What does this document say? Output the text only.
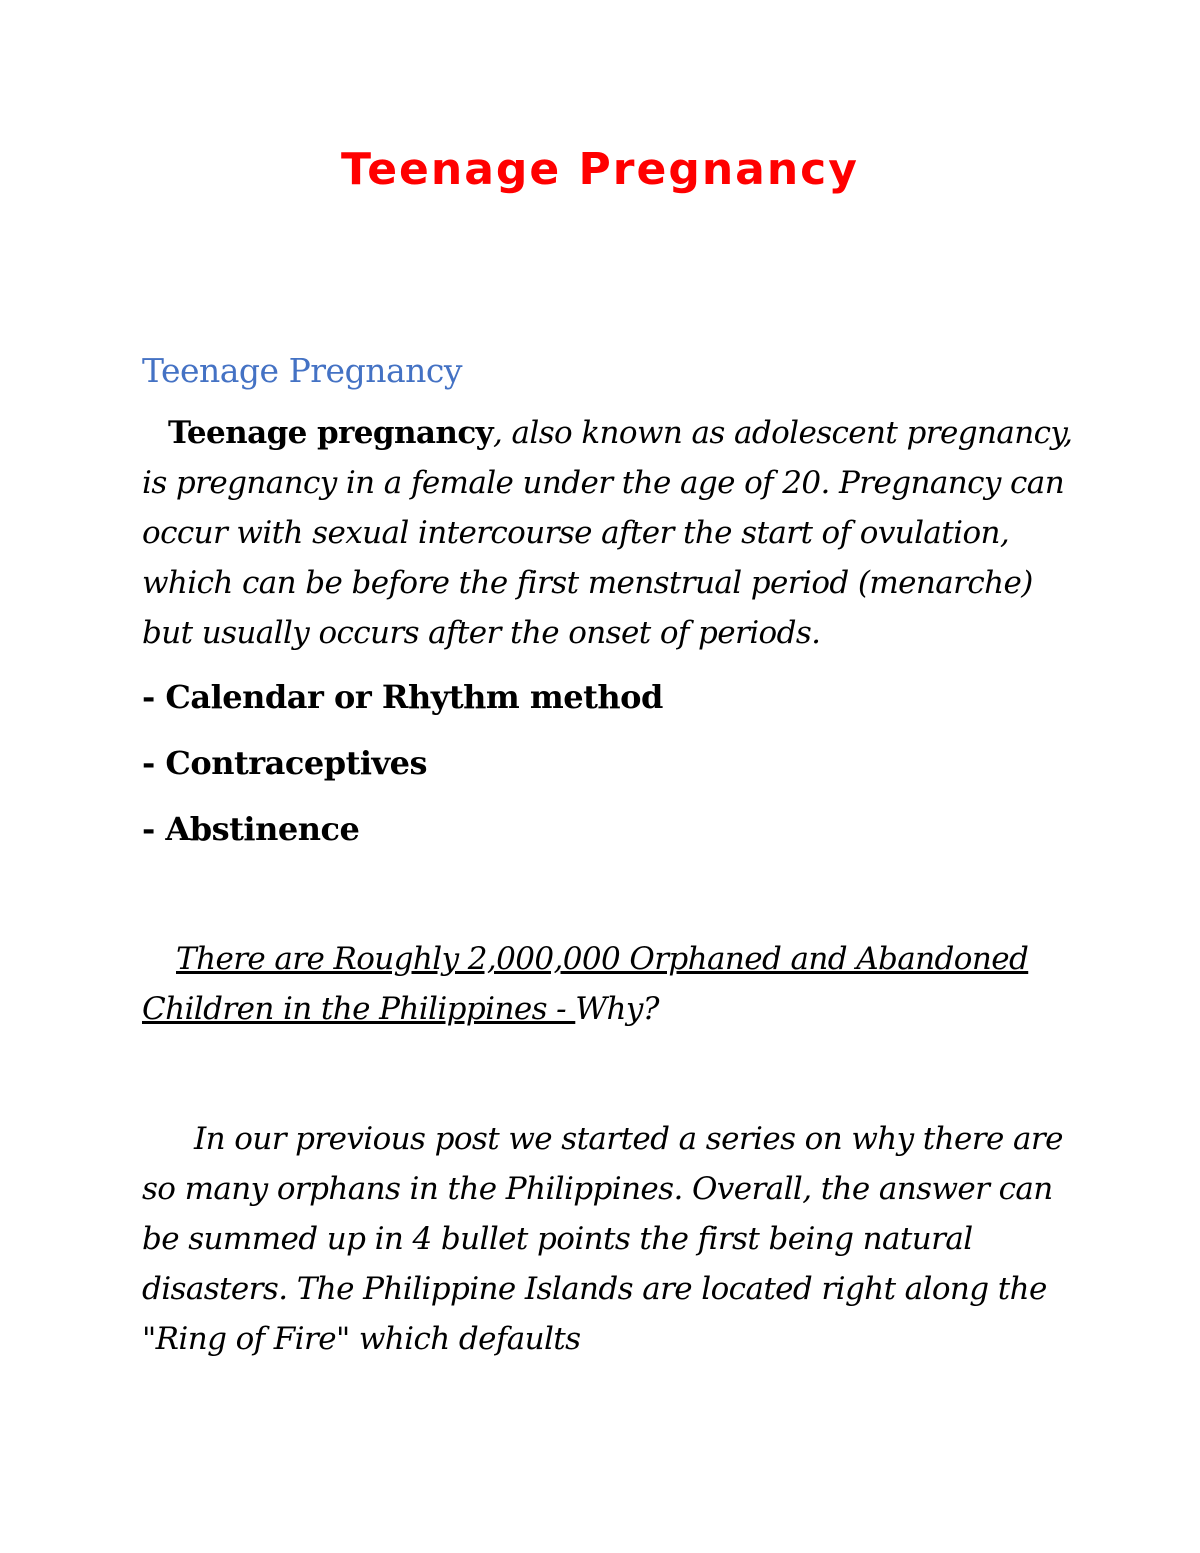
Teenage Pregnancy
Teenage Pregnancy

Teenage pregnancy, also known as adolescent pregnancy, is pregnancy in a female under the age of 20. Pregnancy can occur with sexual intercourse after the start of ovulation, which can be before the first menstrual period (menarche) but usually occurs after the onset of periods.

- Calendar or Rhythm method
- Contraceptives
- Abstinence

There are Roughly 2,000,000 Orphaned and Abandoned Children in the Philippines - Why?

In our previous post we started a series on why there are so many orphans in the Philippines. Overall, the answer can be summed up in 4 bullet points the first being natural disasters. The Philippine Islands are located right along the "Ring of Fire" which defaults
